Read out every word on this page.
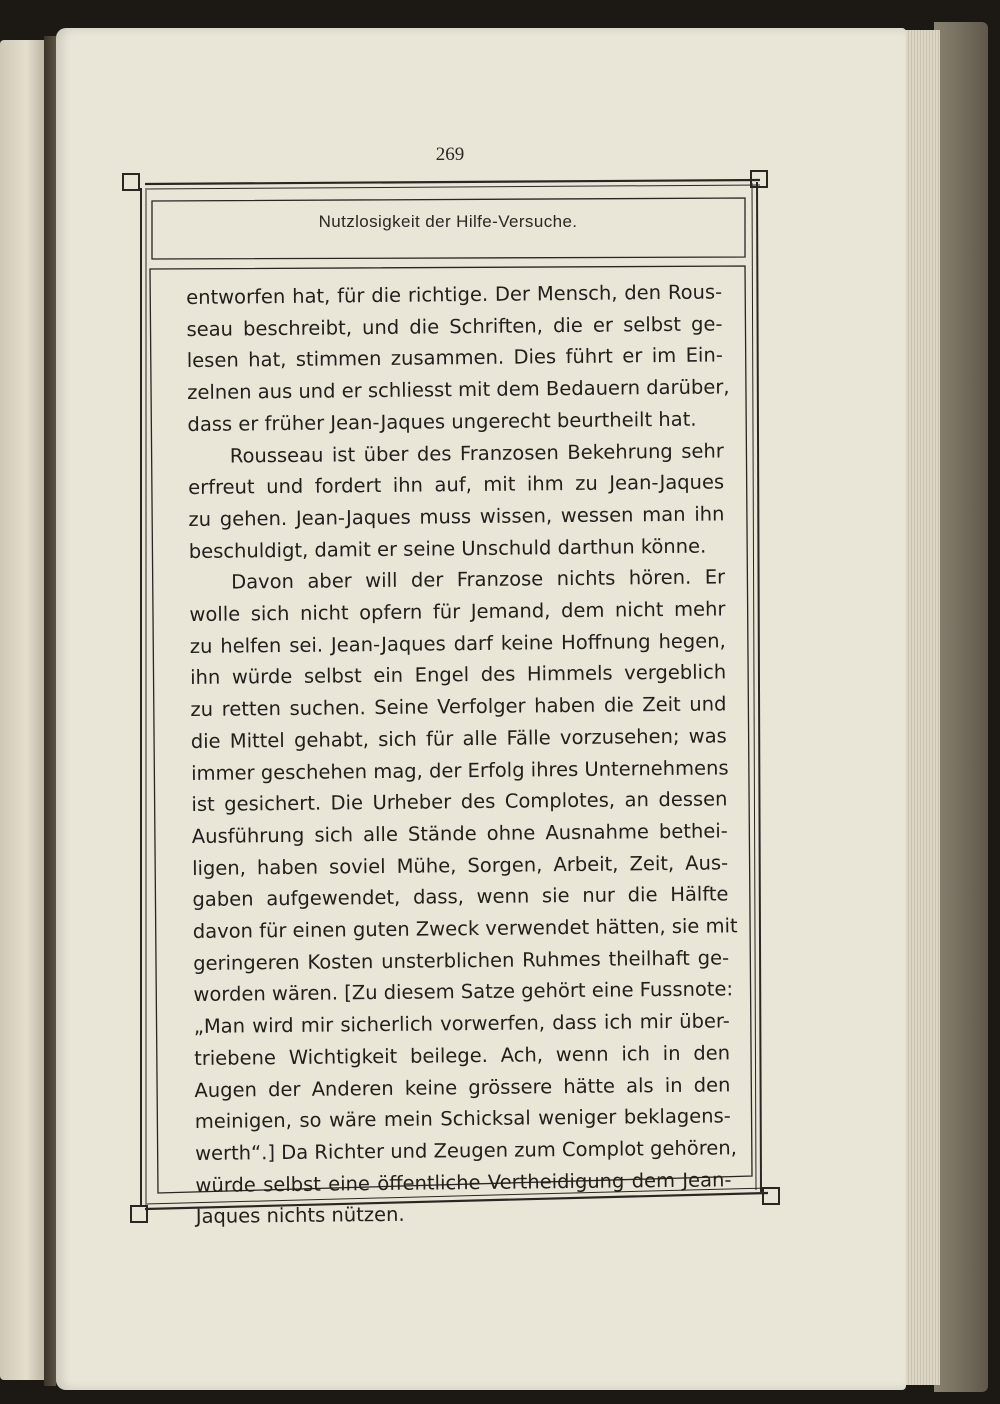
269
Nutzlosigkeit der Hilfe-Versuche.
entworfen hat, für die richtige. Der Mensch, den Rous-
seau beschreibt, und die Schriften, die er selbst ge-
lesen hat, stimmen zusammen. Dies führt er im Ein-
zelnen aus und er schliesst mit dem Bedauern darüber,
dass er früher Jean-Jaques ungerecht beurtheilt hat.
Rousseau ist über des Franzosen Bekehrung sehr
erfreut und fordert ihn auf, mit ihm zu Jean-Jaques
zu gehen. Jean-Jaques muss wissen, wessen man ihn
beschuldigt, damit er seine Unschuld darthun könne.
Davon aber will der Franzose nichts hören. Er
wolle sich nicht opfern für Jemand, dem nicht mehr
zu helfen sei. Jean-Jaques darf keine Hoffnung hegen,
ihn würde selbst ein Engel des Himmels vergeblich
zu retten suchen. Seine Verfolger haben die Zeit und
die Mittel gehabt, sich für alle Fälle vorzusehen; was
immer geschehen mag, der Erfolg ihres Unternehmens
ist gesichert. Die Urheber des Complotes, an dessen
Ausführung sich alle Stände ohne Ausnahme bethei-
ligen, haben soviel Mühe, Sorgen, Arbeit, Zeit, Aus-
gaben aufgewendet, dass, wenn sie nur die Hälfte
davon für einen guten Zweck verwendet hätten, sie mit
geringeren Kosten unsterblichen Ruhmes theilhaft ge-
worden wären. [Zu diesem Satze gehört eine Fussnote:
„Man wird mir sicherlich vorwerfen, dass ich mir über-
triebene Wichtigkeit beilege. Ach, wenn ich in den
Augen der Anderen keine grössere hätte als in den
meinigen, so wäre mein Schicksal weniger beklagens-
werth“.] Da Richter und Zeugen zum Complot gehören,
würde selbst eine öffentliche Vertheidigung dem Jean-
Jaques nichts nützen.
